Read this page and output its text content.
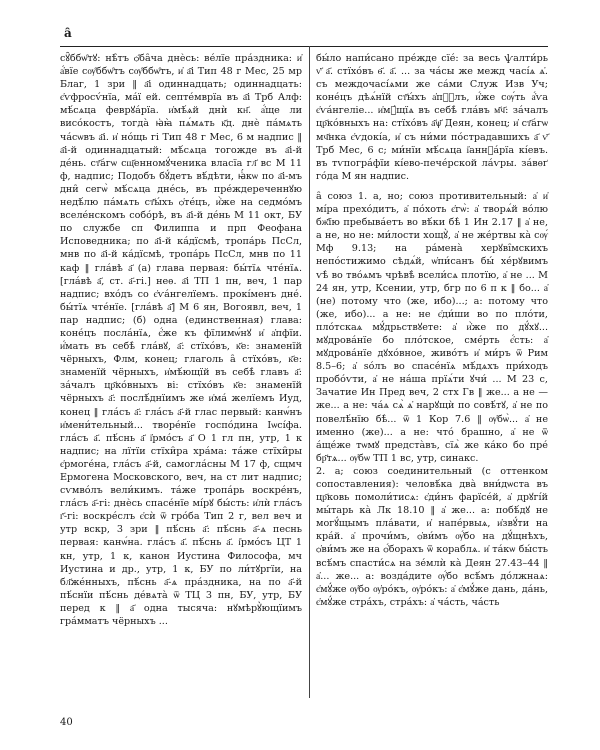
а̑

сꙋ̑ббѡ̑тꙋ: нѣ̑тъ ѻ̑ба̑ча днѐсь: ве́лїе пра́здника: и҆ а҆́вїе сѹ̑ббѡ̑тъ сѹ̑ббѡ̑тъ, и҆ а҃і Тип 48 г Мес, 25 мр Благ, 1 зри ‖ а҃і одиннадцать; одиннадцать: є҆ѵфросѵ́нїа, ма́ї ей. септе́мврїа въ а҃і Трб Алф: мѣ́сѧца феврꙋа́рїа. и҆мѣ́ѧй днѝ кн҃. а҆́ще ли висо́костъ, тогда̀ ꙗ҆ꙗ̀ пѧ́мѧть к҃д. днѐ па́мѧть ча́сѡвъ а҃і. и҆ но́щь гі Тип 48 г Мес, 6 м надпис ‖ а҃і-й одиннадцатый: мѣ́сѧца тогожде въ а҃і-й де́нь. ст҃а́гѡ сщ҃енномꙋ́ченика власїа гл҃ вс М 11 ф, надпис; Подобъ бꙋ́детъ вѣ́дѣти, ꙗ҆́кѡ по а҃і-мъ дни̑ сегѡ̀ мѣ́сѧца дне́сь, въ пре́ждереченнꙋю недѣ́лю па́мѧть ст҃ы́хъ ѻ҆те́цъ, и҆̀же на седмо́мъ вселе́нскомъ собо́рѣ, въ а҃і-й де́нь М 11 окт, БУ по службе сп Филиппа и прп Феофана Исповедника; по а҃і-й ка́дїсмѣ, тропа́рь ПсСл, мнв по а҃і-й ка́дїсмѣ, тропа́рь ПсСл, мнв по 11 каф ‖ гла́вѣ а҃ (а) глава первая: бы́тїѧ чте́нїѧ. [гла́вѣ а҃, ст. а҃-гі.] неѳ. а҃і ТП 1 пн, веч, 1 пар надпис; вхо́дъ со є҆ѵа́нгелїемъ. прокі́менъ дне́. бы́тїѧ чте́нїе. [гла́вѣ а҃] М 6 ян, Вогоявл, веч, 1 пар надпис; (б) одна (единственная) глава: коне́цъ посла́нїѧ, є҆́же къ фїлимѡ́нꙋ и҆ а҆пфїи. и҆́мать въ себѣ̀ гла́вꙋ, а҃: стїхо́въ, к҃е: знаменїй чёрныхъ, Флм, конец; глаголь а̑ стїхо́въ, к҃е: знаменїй чёрныхъ, и҆мѣ́ющїй въ себѣ̀ главъ а҃: за́чалъ цр҃ко́вныхъ ві: стїхо́въ к҃е: знаменїй чёрныхъ а҃: послѣ́днїимъ же и҆ма́ желїемъ Иуд, конец ‖ гла́съ а҃: гла́съ а҃-й глас первый: канѡ́нъ и҆мени́тельный... творе́нїе госпо́дина Іѡсі́фа. гла́съ а҃. пѣ́снь а҃ і҆рмо́съ а҃ О 1 гл пн, утр, 1 к надпис; на лїтїи стїхи̑ра хра́ма: та́же стїхи̑ры є҆рмоге́на, гла́съ а҃-й, самогла́сны М 17 ф, сщмч Ермогена Московского, веч, на ст лит надпис; сѵмво́лъ вели́кимъ. та́же тропа́рь воскре́нъ, гла́съ а҃-гі: днѐсь спасе́нїе мі́рꙋ бы́сть: и҆лѝ гла́съ г҃-гі: воскре́слъ є҆сѝ ѿ гро́ба Тип 2 г, вел веч и утр вскр, 3 зри ‖ пѣ́снь а҃: пѣ́снь а҃-ѧ песнь первая: канѡ́на. гла́съ а҃. пѣ́снь а҃. і҆рмо́съ ЦТ 1 кн, утр, 1 к, канон Иустина Философа, мч Иустина и др., утр, 1 к, БУ по ли́тꙋргїи, на бл҃же́нныхъ, пѣ́снь а҃-ѧ пра́здника, на по а҃-й пѣ́снїи пѣ́снь де́вѧта̀ ѿ ТЦ 3 пн, БУ, утр, БУ перед к ‖ а҃ одна тысяча: нꙋмѣрꙋ̀ющїимъ гра́мматъ чёрныхъ ...

бы́ло напи́сано пре́жде сїе́: за весь ѱалти́рь ѵ҃ а҃. стїхо́въ ѳ҃. а҃. ... за ча́сы же межд часі́ѧ ѧ҆. съ междочасі́ѧми же са́ми Служ Изв Уч; коне́цъ дѣѧ́нїй ст҃ы́хъ а҆пⷭ҇лъ, и҆́же сѹ́ть а҆́ѵа є҆ѵа́нгеліе... и҆мꙋ́щїѧ въ себѣ̀ гла́въ м҃ч҃: за́чалъ цр҃ко́вныхъ на: стїхо́въ а҃ѱ҃ Деян, конец; и҆ ст҃а́гѡ мч҃нка є҆ѵдокі́а, и҆ съ ни́ми по́страдавшихъ а҃ ѵ҃ Трб Мес, 6 с; ми́нїи мѣ́сѧца і҆аннꙋа́рїа кі́евъ. въ тѵпогра́фїи кі́ево-пече́рской ла́ѵры. за́вѳґ го́да М ян надпис.

а̑ союз 1. а, но; союз противительный: а҆ и҆ мі́ра прехо́дитъ, а҆ по́хоть є҆гѡ̀: а҆ творѧ́й во́лю бж҃їю пребыва́етъ во вѣ́ки бѣ̀ 1 Ин 2.17 ‖ а҆ не, а не, но не: ми́лости хощꙋ̀, а҆ не же́ртвы ка̀ сѹ́ Мф 9.13; на ра́мена̀ херꙋві̑мскихъ непо́стижимо сѣдѧ́й, ѡ҆пи́санъ бы́ хе́рꙋвимъ ѵѣ̀ во тво́ѧмъ чрѣвѣ̀ всели́сѧ плотїю, а҆ не ... М 24 ян, утр, Ксении, утр, бгр по 6 п к ‖ бо... а҆ (не) потому что (же, ибо)...; а: потому что (же, ибо)... а не: не є҆ди́ши во по пло́ти, пло́тскаѧ мꙋ́дрьствꙋете: а҆ и҆̀же по дꙋ́хꙋ... мꙋдрова́нїе бо пло́тское, сме́рть є҆́сть: а҆ мꙋдрова́нїе дꙋхо́вное, живо́тъ и҆ ми́ръ ѿ Рим 8.5–6; а҆ ѕо́лъ во спасе́нїѧ мѣ́дѧхъ при́ходъ пробо́ѵти, а҆ не на́ша прїѧ́ти ꙋчи́ ... М 23 с, Зачатие Ин Пред веч, 2 стх Гв ‖ же... а не — же... а не: ча́ѧ сѧ̀ ѧ҆ нарꙋщѝ по совѣ́тꙋ, а҆ не по повелѣ́нїю бѣ̀... ѿ 1 Кор 7.6 ‖ ѹ҆бѡ̀... а҆ не именно (же)... а не: что́ брашно, а҆ не ѿ а́ще́же тѡмꙋ предста̀въ, сїѧ̀ же ка́ко бо пре́ бр҃тѧ... ѹ҆бѡ ТП 1 вс, утр, синакс.

2. а; союз соединительный (с оттенком сопоставления): человѣ́ка два̀ вни́дѡста въ цр҃ковь помоли́тисѧ: є҆ди́нъ фарїсе́й, а҆ дрꙋгі́й мы́тарь ка̀ Лк 18.10 ‖ а҆ же... а: побѣ́дꙋ не могꙋ́щымъ пла́вати, и҆ напе́рвыѧ, и҆звꙋ́ти на кра́й. а҆ прочи́мъ, ѻ҆ви́мъ ѹ҆́бо на дꙋ́щнѣхъ, ѻ҆ви́мъ же на ѻ҆́борахъ ѿ кораблѧ. и҆ та́кѡ бы́сть всѣ́мъ спасти́сѧ на зе́млѝ ка̀ Деян 27.43–44 ‖ а҆... же... а: возда́дите ѹ҆́бо всѣ́мъ до́лжнаѧ: є҆мꙋ́же ѹ҆бо ѹ҆ро́къ, ѹ҆ро́къ: а҆ є҆мꙋ́же дань, да́нь, є҆мꙋ́же стра́хъ, стра́хъ: а҆ ча́сть, ча́сть

40
